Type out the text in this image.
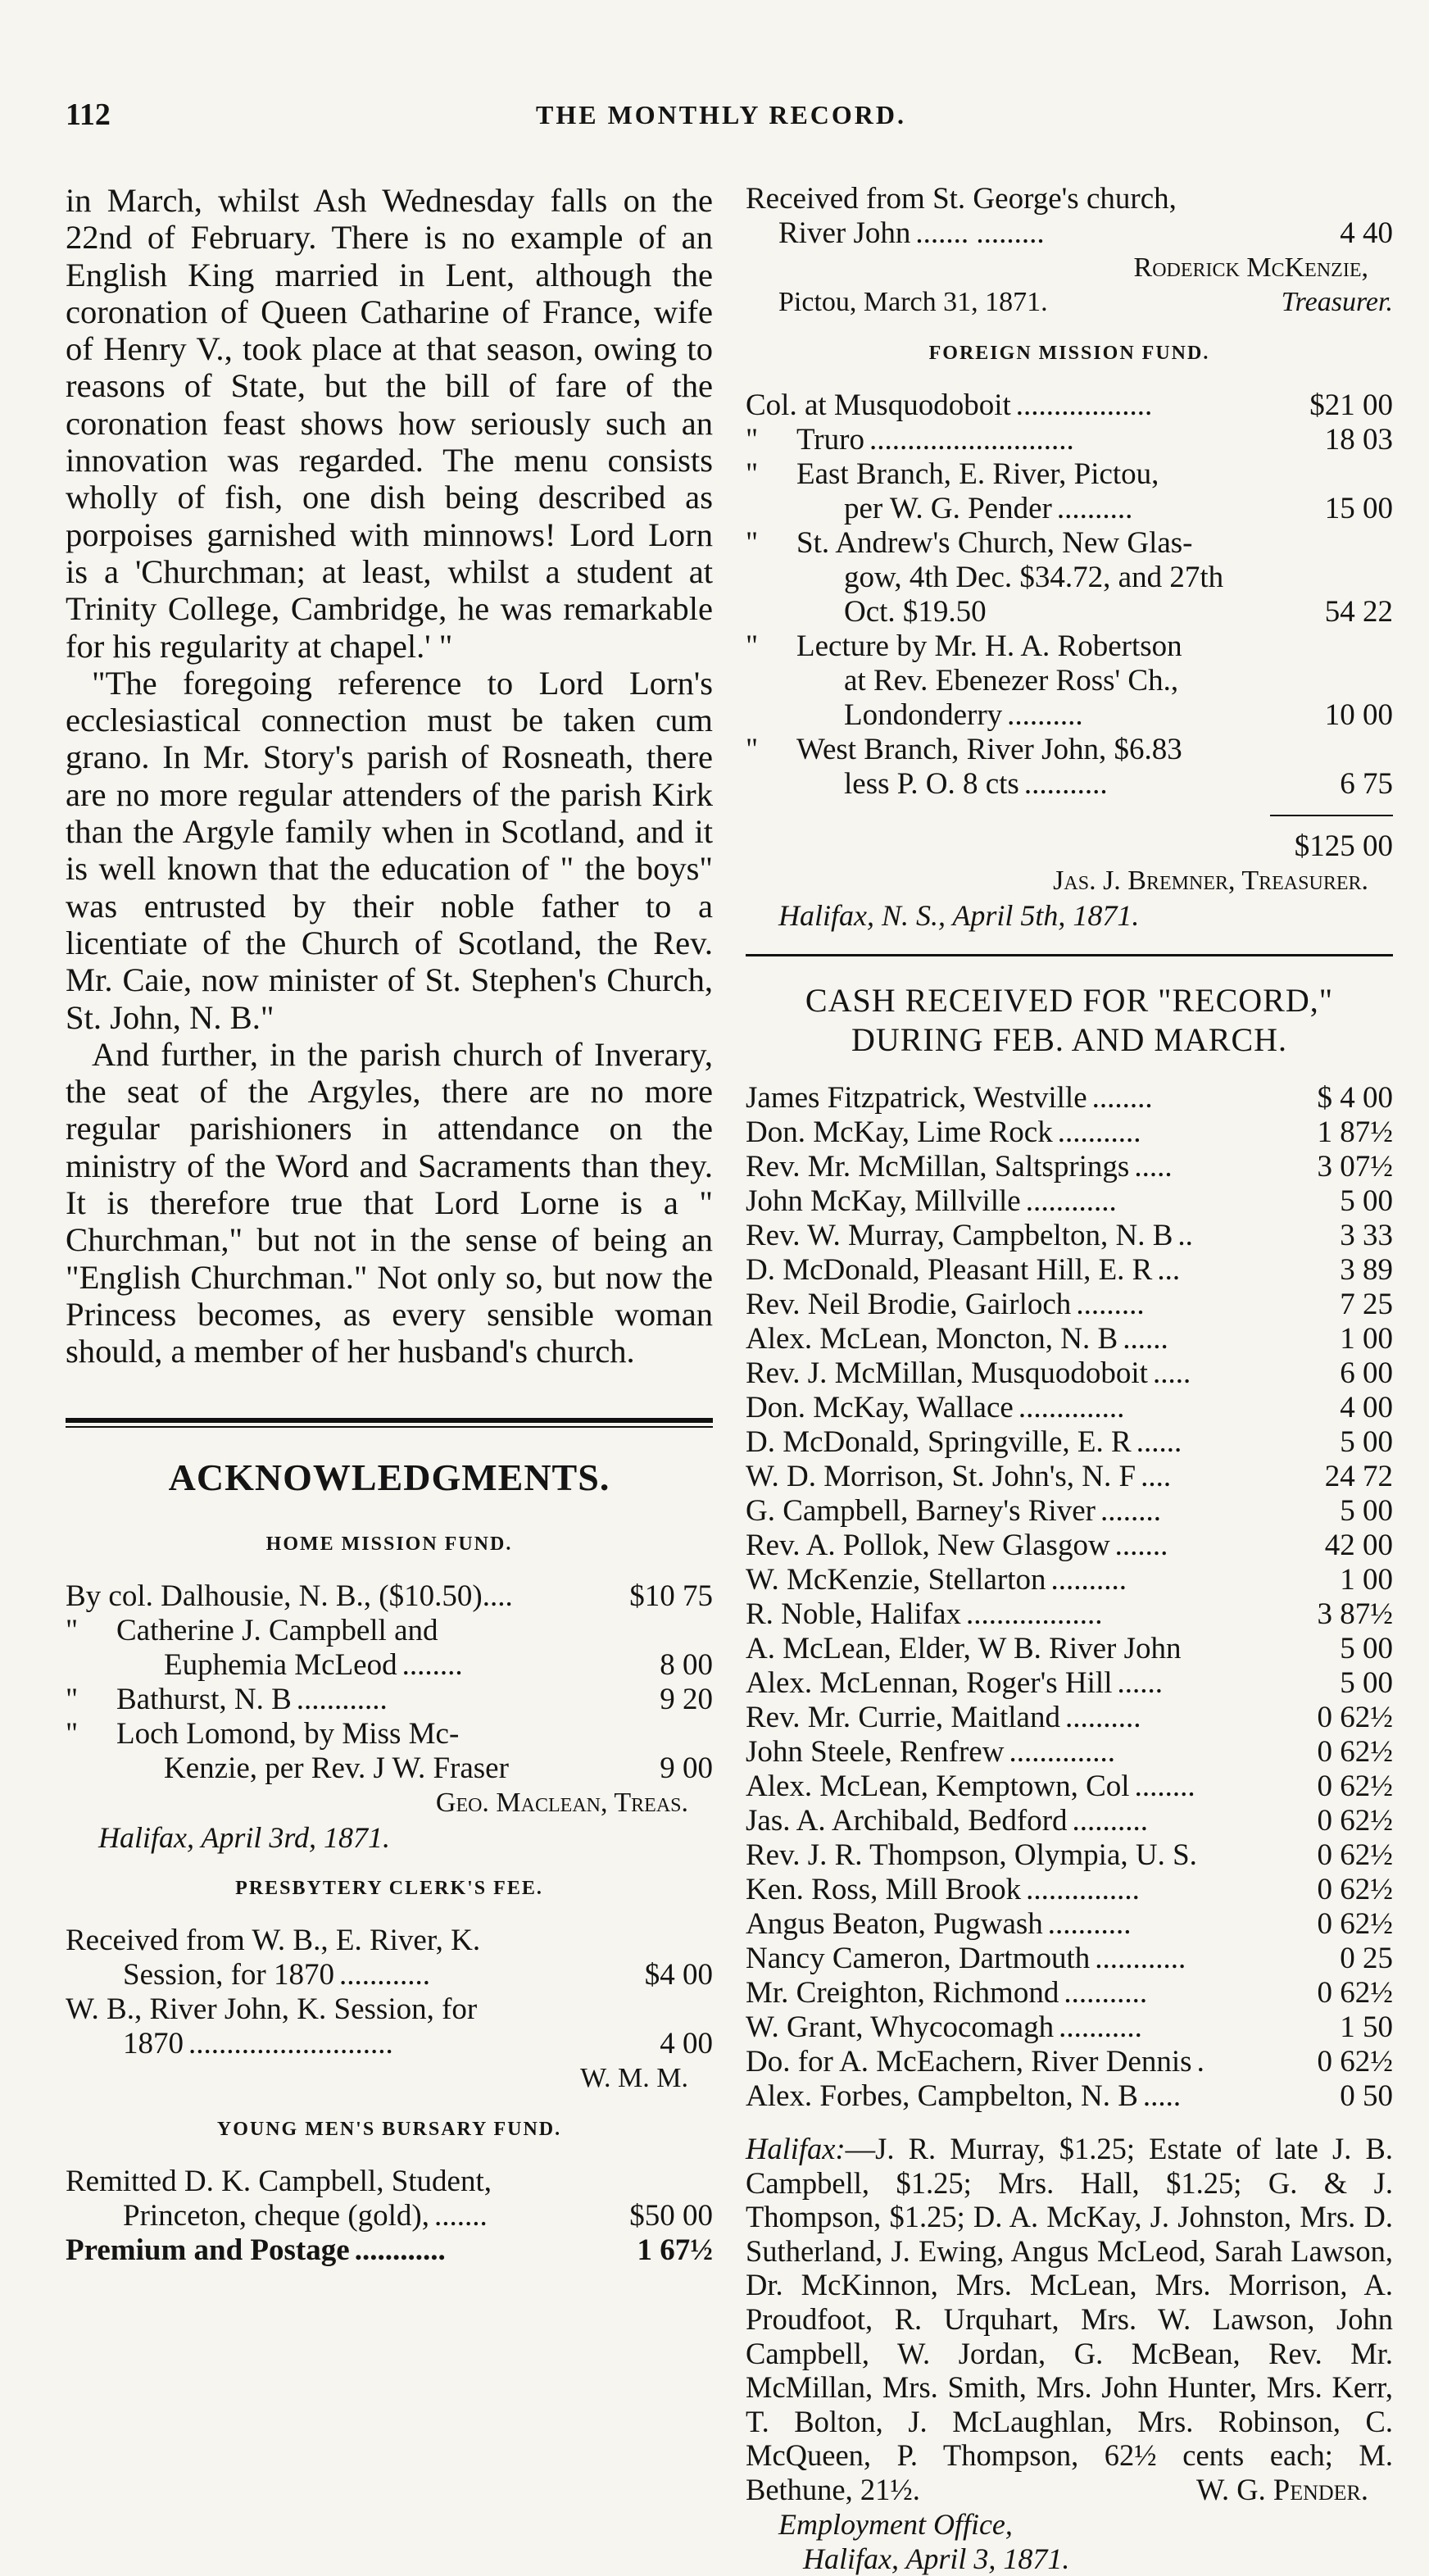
112	THE MONTHLY RECORD.

in March, whilst Ash Wednesday falls on the 22nd of February. There is no example of an English King married in Lent, although the coronation of Queen Catharine of France, wife of Henry V., took place at that season, owing to reasons of State, but the bill of fare of the coronation feast shows how seriously such an innovation was regarded. The menu consists wholly of fish, one dish being described as porpoises garnished with minnows! Lord Lorn is a 'Churchman; at least, whilst a student at Trinity College, Cambridge, he was remarkable for his regularity at chapel.' "

"The foregoing reference to Lord Lorn's ecclesiastical connection must be taken cum grano. In Mr. Story's parish of Rosneath, there are no more regular attenders of the parish Kirk than the Argyle family when in Scotland, and it is well known that the education of " the boys" was entrusted by their noble father to a licentiate of the Church of Scotland, the Rev. Mr. Caie, now minister of St. Stephen's Church, St. John, N. B."

And further, in the parish church of Inverary, the seat of the Argyles, there are no more regular parishioners in attendance on the ministry of the Word and Sacraments than they. It is therefore true that Lord Lorne is a " Churchman," but not in the sense of being an "English Churchman." Not only so, but now the Princess becomes, as every sensible woman should, a member of her husband's church.

ACKNOWLEDGMENTS.
HOME MISSION FUND.
By col. Dalhousie, N. B., ($10.50)....	$10 75
" Catherine J. Campbell and
Euphemia McLeod ........	8 00
" Bathurst, N. B ............	9 20
" Loch Lomond, by Miss Mc-
Kenzie, per Rev. J W. Fraser	9 00
Geo. Maclean, Treas.
Halifax, April 3rd, 1871.
PRESBYTERY CLERK'S FEE.
Received from W. B., E. River, K.
Session, for 1870 ............	$4 00
W. B., River John, K. Session, for
1870 ...........................	4 00
W. M. M.
YOUNG MEN'S BURSARY FUND.
Remitted D. K. Campbell, Student,
Princeton, cheque (gold), .......	$50 00
Premium and Postage ............	1 67½
Received from St. George's church,
River John ....... .........	4 40
Roderick McKenzie,
Pictou, March 31, 1871.	Treasurer.
FOREIGN MISSION FUND.
Col. at Musquodoboit ..................	$21 00
" Truro ...........................	18 03
" East Branch, E. River, Pictou,
per W. G. Pender ..........	15 00
" St. Andrew's Church, New Glas-
gow, 4th Dec. $34.72, and 27th
Oct. $19.50	54 22
" Lecture by Mr. H. A. Robertson
at Rev. Ebenezer Ross' Ch.,
Londonderry ..........	10 00
" West Branch, River John, $6.83
less P. O. 8 cts ...........	6 75
$125 00
Jas. J. Bremner, Treasurer.
Halifax, N. S., April 5th, 1871.
CASH RECEIVED FOR "RECORD,"
DURING FEB. AND MARCH.
James Fitzpatrick, Westville ........	$ 4 00
Don. McKay, Lime Rock ...........	1 87½
Rev. Mr. McMillan, Saltsprings .....	3 07½
John McKay, Millville ............	5 00
Rev. W. Murray, Campbelton, N. B ..	3 33
D. McDonald, Pleasant Hill, E. R ...	3 89
Rev. Neil Brodie, Gairloch .........	7 25
Alex. McLean, Moncton, N. B ......	1 00
Rev. J. McMillan, Musquodoboit .....	6 00
Don. McKay, Wallace ..............	4 00
D. McDonald, Springville, E. R ......	5 00
W. D. Morrison, St. John's, N. F ....	24 72
G. Campbell, Barney's River ........	5 00
Rev. A. Pollok, New Glasgow .......	42 00
W. McKenzie, Stellarton ..........	1 00
R. Noble, Halifax ..................	3 87½
A. McLean, Elder, W B. River John	5 00
Alex. McLennan, Roger's Hill ......	5 00
Rev. Mr. Currie, Maitland ..........	0 62½
John Steele, Renfrew ..............	0 62½
Alex. McLean, Kemptown, Col ........	0 62½
Jas. A. Archibald, Bedford ..........	0 62½
Rev. J. R. Thompson, Olympia, U. S.	0 62½
Ken. Ross, Mill Brook ...............	0 62½
Angus Beaton, Pugwash ...........	0 62½
Nancy Cameron, Dartmouth ............	0 25
Mr. Creighton, Richmond ...........	0 62½
W. Grant, Whycocomagh ...........	1 50
Do. for A. McEachern, River Dennis .	0 62½
Alex. Forbes, Campbelton, N. B .....	0 50
Halifax:—J. R. Murray, $1.25; Estate of late J. B. Campbell, $1.25; Mrs. Hall, $1.25; G. & J. Thompson, $1.25; D. A. McKay, J. Johnston, Mrs. D. Sutherland, J. Ewing, Angus McLeod, Sarah Lawson, Dr. McKinnon, Mrs. McLean, Mrs. Morrison, A. Proudfoot, R. Urquhart, Mrs. W. Lawson, John Campbell, W. Jordan, G. McBean, Rev. Mr. McMillan, Mrs. Smith, Mrs. John Hunter, Mrs. Kerr, T. Bolton, J. McLaughlan, Mrs. Robinson, C. McQueen, P. Thompson, 62½ cents each; M. Bethune, 21½.	W. G. Pender.
Employment Office,
Halifax, April 3, 1871.
